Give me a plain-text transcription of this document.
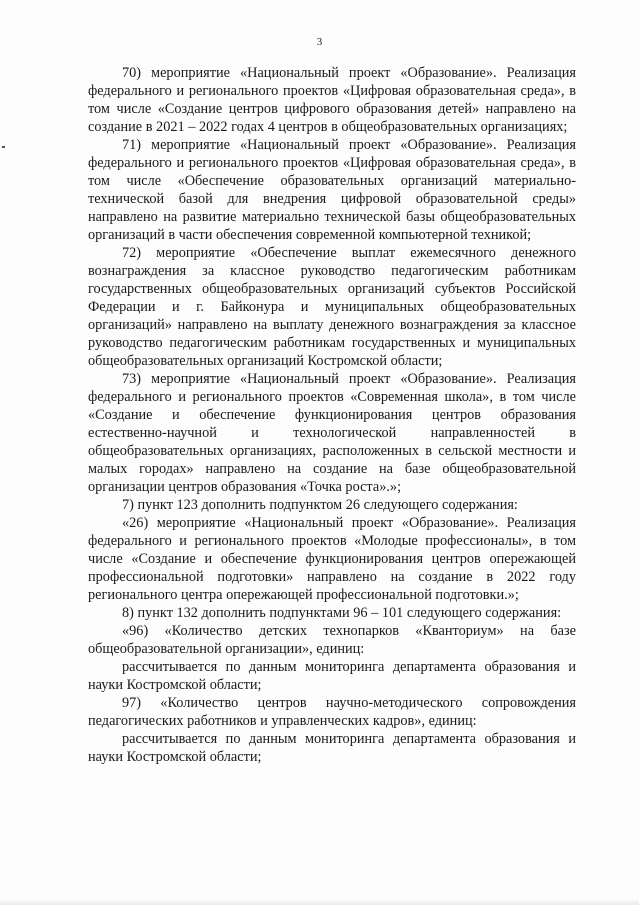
3

70) мероприятие «Национальный проект «Образование». Реализация федерального и регионального проектов «Цифровая образовательная среда», в том числе «Создание центров цифрового образования детей» направлено на создание в 2021 – 2022 годах 4 центров в общеобразовательных организациях;

71) мероприятие «Национальный проект «Образование». Реализация федерального и регионального проектов «Цифровая образовательная среда», в том числе «Обеспечение образовательных организаций материально-технической базой для внедрения цифровой образовательной среды» направлено на развитие материально технической базы общеобразовательных организаций в части обеспечения современной компьютерной техникой;

72) мероприятие «Обеспечение выплат ежемесячного денежного вознаграждения за классное руководство педагогическим работникам государственных общеобразовательных организаций субъектов Российской Федерации и г. Байконура и муниципальных общеобразовательных организаций» направлено на выплату денежного вознаграждения за классное руководство педагогическим работникам государственных и муниципальных общеобразовательных организаций Костромской области;

73) мероприятие «Национальный проект «Образование». Реализация федерального и регионального проектов «Современная школа», в том числе «Создание и обеспечение функционирования центров образования естественно-научной и технологической направленностей в общеобразовательных организациях, расположенных в сельской местности и малых городах» направлено на создание на базе общеобразовательной организации центров образования «Точка роста».»;

7) пункт 123 дополнить подпунктом 26 следующего содержания:

«26) мероприятие «Национальный проект «Образование». Реализация федерального и регионального проектов «Молодые профессионалы», в том числе «Создание и обеспечение функционирования центров опережающей профессиональной подготовки» направлено на создание в 2022 году регионального центра опережающей профессиональной подготовки.»;

8) пункт 132 дополнить подпунктами 96 – 101 следующего содержания:

«96) «Количество детских технопарков «Кванториум» на базе общеобразовательной организации», единиц:

рассчитывается по данным мониторинга департамента образования и науки Костромской области;

97) «Количество центров научно-методического сопровождения педагогических работников и управленческих кадров», единиц:

рассчитывается по данным мониторинга департамента образования и науки Костромской области;
